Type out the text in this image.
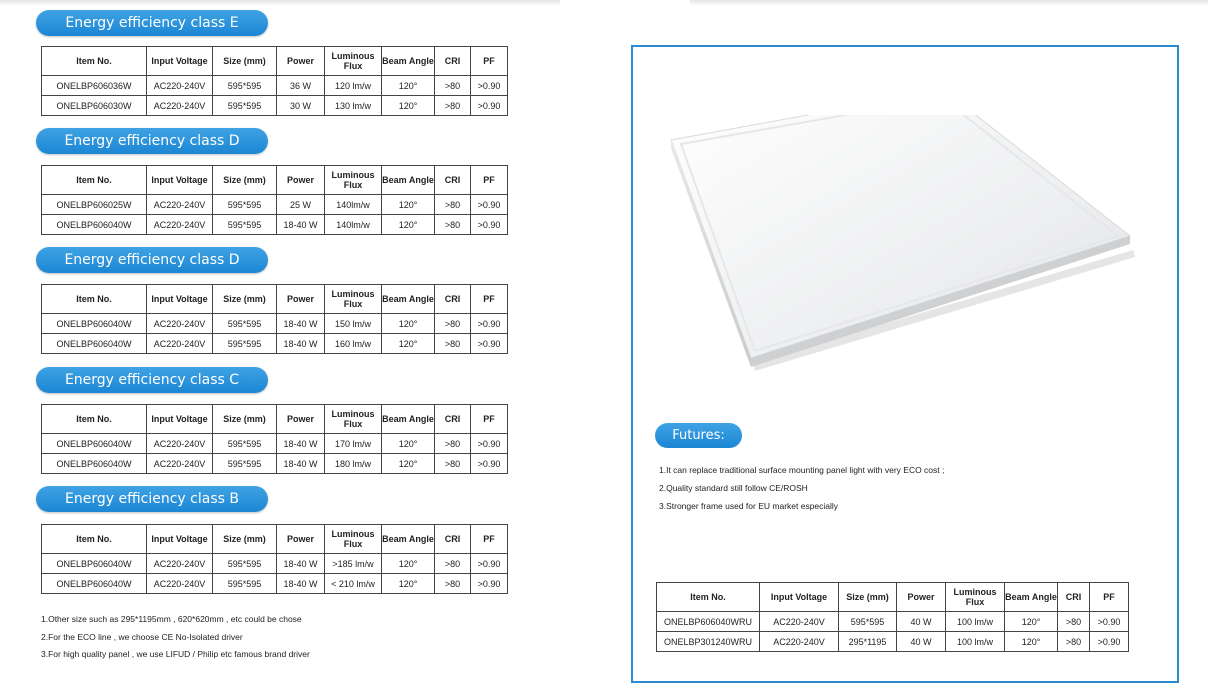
Energy efficiency class E
Item No.	Input Voltage	Size (mm)	Power	Luminous Flux	Beam Angle	CRI	PF
ONELBP606036W	AC220-240V	595*595	36 W	120 lm/w	120°	>80	>0.90
ONELBP606030W	AC220-240V	595*595	30 W	130 lm/w	120°	>80	>0.90
Energy efficiency class D
Item No.	Input Voltage	Size (mm)	Power	Luminous Flux	Beam Angle	CRI	PF
ONELBP606025W	AC220-240V	595*595	25 W	140lm/w	120°	>80	>0.90
ONELBP606040W	AC220-240V	595*595	18-40 W	140lm/w	120°	>80	>0.90
Energy efficiency class D
Item No.	Input Voltage	Size (mm)	Power	Luminous Flux	Beam Angle	CRI	PF
ONELBP606040W	AC220-240V	595*595	18-40 W	150 lm/w	120°	>80	>0.90
ONELBP606040W	AC220-240V	595*595	18-40 W	160 lm/w	120°	>80	>0.90
Energy efficiency class C
Item No.	Input Voltage	Size (mm)	Power	Luminous Flux	Beam Angle	CRI	PF
ONELBP606040W	AC220-240V	595*595	18-40 W	170 lm/w	120°	>80	>0.90
ONELBP606040W	AC220-240V	595*595	18-40 W	180 lm/w	120°	>80	>0.90
Energy efficiency class B
Item No.	Input Voltage	Size (mm)	Power	Luminous Flux	Beam Angle	CRI	PF
ONELBP606040W	AC220-240V	595*595	18-40 W	>185 lm/w	120°	>80	>0.90
ONELBP606040W	AC220-240V	595*595	18-40 W	< 210 lm/w	120°	>80	>0.90
1.Other size such as 295*1195mm , 620*620mm , etc could be chose
2.For the ECO line , we choose CE No-Isolated driver
3.For high quality panel , we use LIFUD / Philip etc famous brand driver
Futures:
1.It can replace traditional surface mounting panel light with very ECO cost ;
2.Quality standard still follow CE/ROSH
3.Stronger frame used for EU market especially
Item No.	Input Voltage	Size (mm)	Power	Luminous Flux	Beam Angle	CRI	PF
ONELBP606040WRU	AC220-240V	595*595	40 W	100 lm/w	120°	>80	>0.90
ONELBP301240WRU	AC220-240V	295*1195	40 W	100 lm/w	120°	>80	>0.90
